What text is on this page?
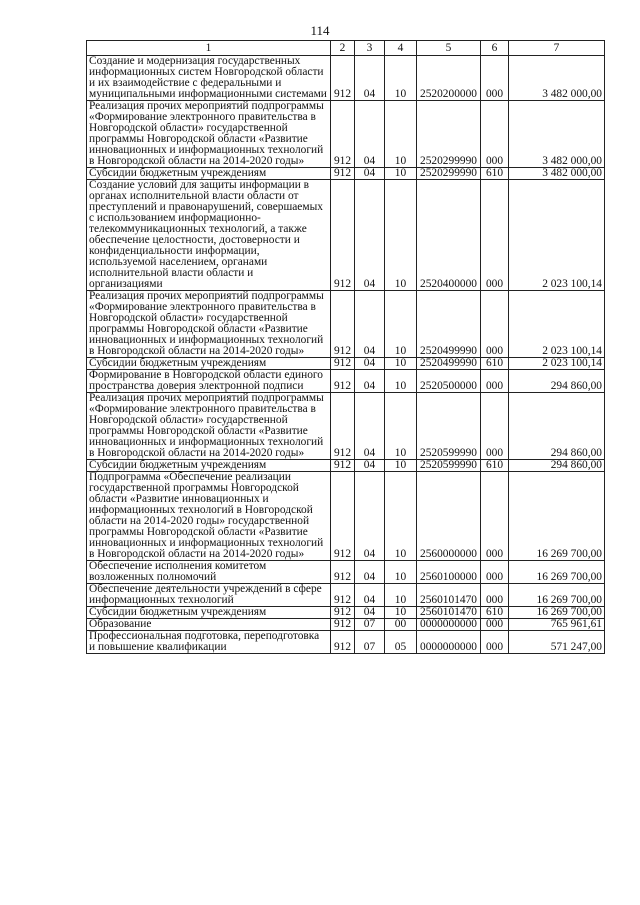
114
1	2	3	4	5	6	7
Создание и модернизация государственных информационных систем Новгородской области и их взаимодействие с федеральными и муниципальными информационными системами	912	04	10	2520200000	000	3 482 000,00
Реализация прочих мероприятий подпрограммы «Формирование электронного правительства в Новгородской области» государственной программы Новгородской области «Развитие инновационных и информационных технологий в Новгородской области на 2014-2020 годы»	912	04	10	2520299990	000	3 482 000,00
Субсидии бюджетным учреждениям	912	04	10	2520299990	610	3 482 000,00
Создание условий для защиты информации в органах исполнительной власти области от преступлений и правонарушений, совершаемых с использованием информационно-телекоммуникационных технологий, а также обеспечение целостности, достоверности и конфиденциальности информации, используемой населением, органами исполнительной власти области и организациями	912	04	10	2520400000	000	2 023 100,14
Реализация прочих мероприятий подпрограммы «Формирование электронного правительства в Новгородской области» государственной программы Новгородской области «Развитие инновационных и информационных технологий в Новгородской области на 2014-2020 годы»	912	04	10	2520499990	000	2 023 100,14
Субсидии бюджетным учреждениям	912	04	10	2520499990	610	2 023 100,14
Формирование в Новгородской области единого пространства доверия электронной подписи	912	04	10	2520500000	000	294 860,00
Реализация прочих мероприятий подпрограммы «Формирование электронного правительства в Новгородской области» государственной программы Новгородской области «Развитие инновационных и информационных технологий в Новгородской области на 2014-2020 годы»	912	04	10	2520599990	000	294 860,00
Субсидии бюджетным учреждениям	912	04	10	2520599990	610	294 860,00
Подпрограмма «Обеспечение реализации государственной программы Новгородской области «Развитие инновационных и информационных технологий в Новгородской области на 2014-2020 годы» государственной программы Новгородской области «Развитие инновационных и информационных технологий в Новгородской области на 2014-2020 годы»	912	04	10	2560000000	000	16 269 700,00
Обеспечение исполнения комитетом возложенных полномочий	912	04	10	2560100000	000	16 269 700,00
Обеспечение деятельности учреждений в сфере информационных технологий	912	04	10	2560101470	000	16 269 700,00
Субсидии бюджетным учреждениям	912	04	10	2560101470	610	16 269 700,00
Образование	912	07	00	0000000000	000	765 961,61
Профессиональная подготовка, переподготовка и повышение квалификации	912	07	05	0000000000	000	571 247,00
